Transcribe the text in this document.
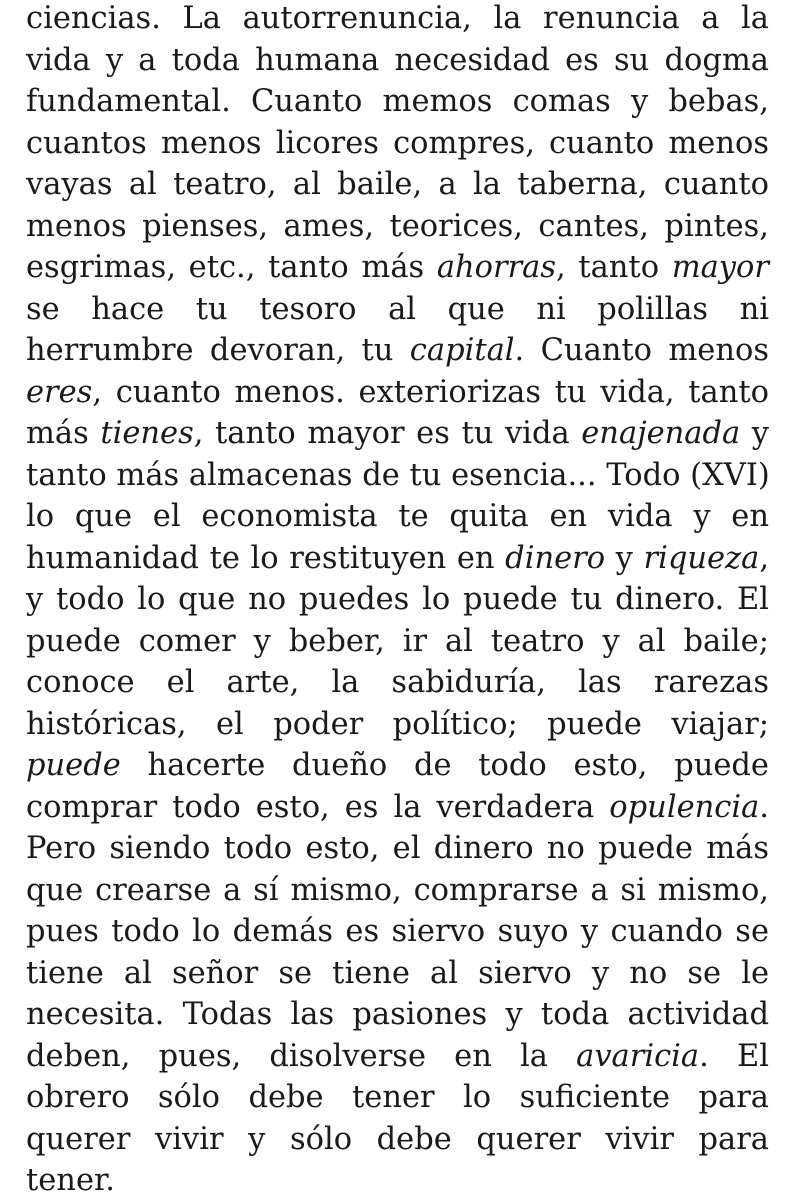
ciencias. La autorrenuncia, la renuncia a la
vida y a toda humana necesidad es su dogma
fundamental. Cuanto memos comas y bebas,
cuantos menos licores compres, cuanto menos
vayas al teatro, al baile, a la taberna, cuanto
menos pienses, ames, teorices, cantes, pintes,
esgrimas, etc., tanto más ahorras, tanto mayor
se hace tu tesoro al que ni polillas ni
herrumbre devoran, tu capital. Cuanto menos
eres, cuanto menos. exteriorizas tu vida, tanto
más tienes, tanto mayor es tu vida enajenada y
tanto más almacenas de tu esencia... Todo (XVI)
lo que el economista te quita en vida y en
humanidad te lo restituyen en dinero y riqueza,
y todo lo que no puedes lo puede tu dinero. El
puede comer y beber, ir al teatro y al baile;
conoce el arte, la sabiduría, las rarezas
históricas, el poder político; puede viajar;
puede hacerte dueño de todo esto, puede
comprar todo esto, es la verdadera opulencia.
Pero siendo todo esto, el dinero no puede más
que crearse a sí mismo, comprarse a si mismo,
pues todo lo demás es siervo suyo y cuando se
tiene al señor se tiene al siervo y no se le
necesita. Todas las pasiones y toda actividad
deben, pues, disolverse en la avaricia. El
obrero sólo debe tener lo suficiente para
querer vivir y sólo debe querer vivir para
tener.
